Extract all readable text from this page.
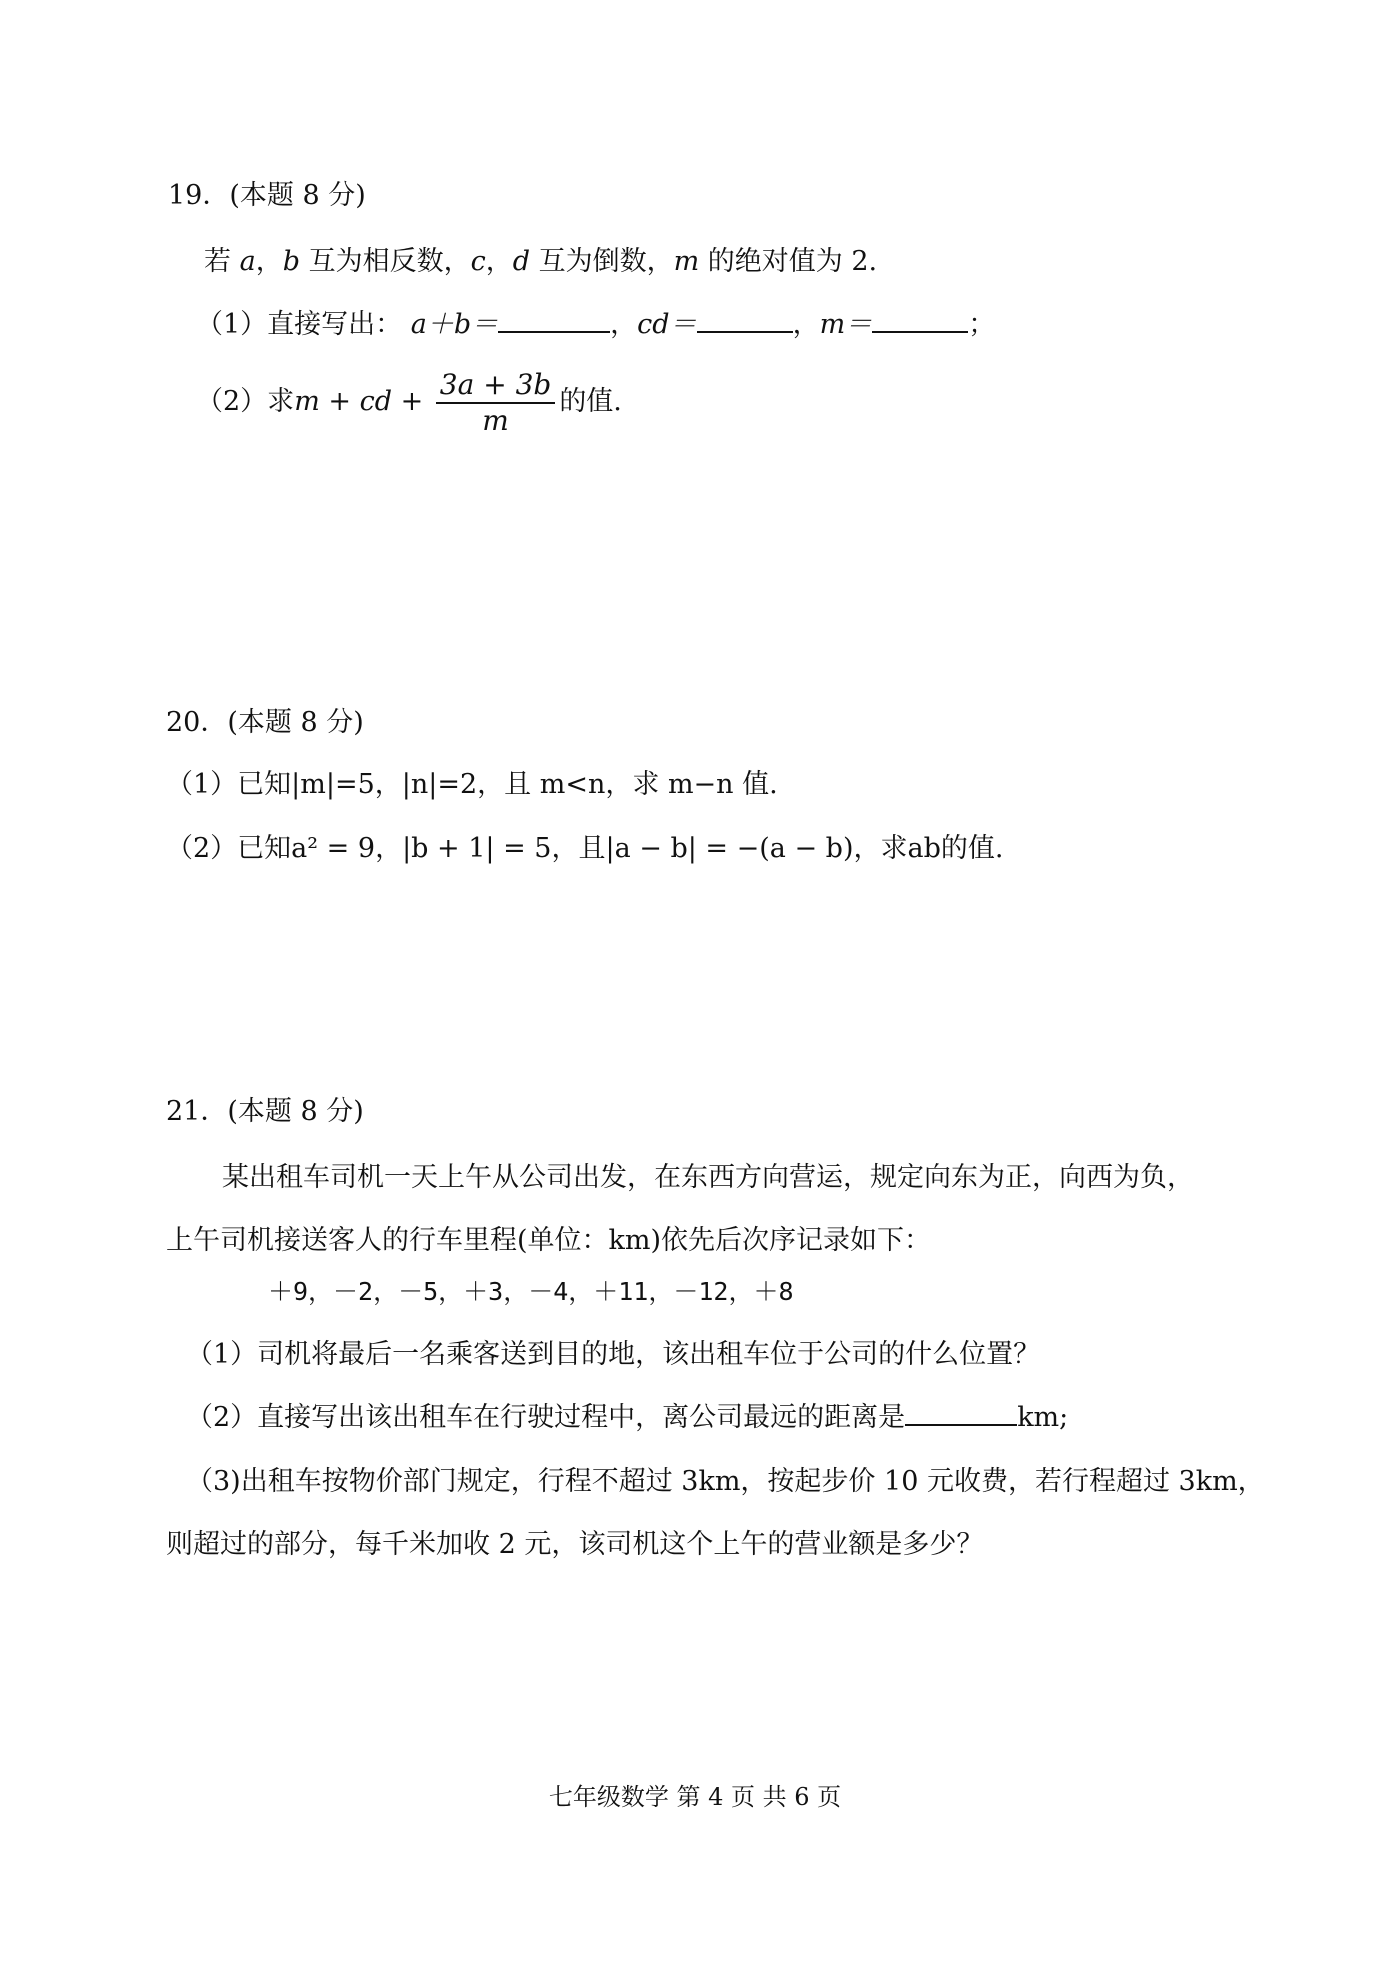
19．(本题 8 分)
若 a，b 互为相反数，c，d 互为倒数，m 的绝对值为 2.
（1）直接写出： a＋b＝	，cd＝	，m＝	；
（2）求m + cd + $\frac{3a + 3b}{m}$ 的值.
20．(本题 8 分)
（1）已知|m|=5，|n|=2，且 m<n，求 m−n 值.
（2）已知a² = 9，|b + 1| = 5，且|a − b| = −(a − b)，求ab的值.
21．(本题 8 分)
某出租车司机一天上午从公司出发，在东西方向营运，规定向东为正，向西为负，
上午司机接送客人的行车里程(单位：km)依先后次序记录如下：
＋9，－2，－5，＋3，－4，＋11，－12，＋8
（1）司机将最后一名乘客送到目的地，该出租车位于公司的什么位置？
（2）直接写出该出租车在行驶过程中，离公司最远的距离是	km;
（3)出租车按物价部门规定，行程不超过 3km，按起步价 10 元收费，若行程超过 3km，
则超过的部分，每千米加收 2 元，该司机这个上午的营业额是多少？
七年级数学 第 4 页 共 6 页
